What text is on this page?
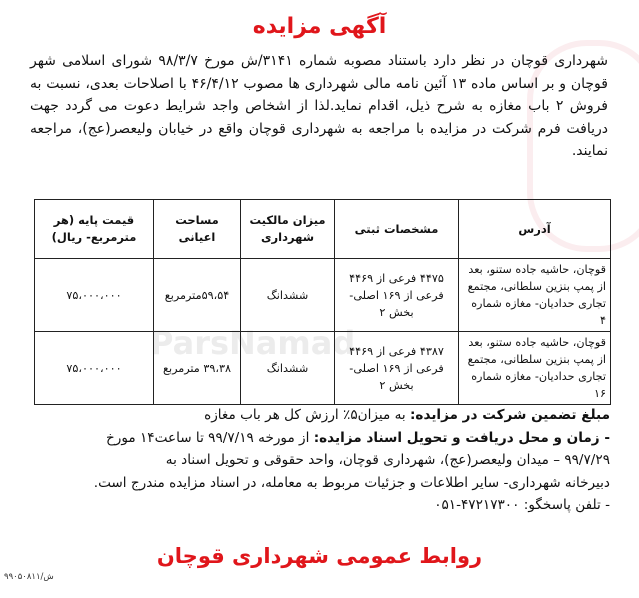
ParsNamad
آگهی مزایده
شهرداری قوچان در نظر دارد باستناد مصوبه شماره ۳۱۴۱/ش مورخ ۹۸/۳/۷ شورای اسلامی شهر قوچان و بر اساس ماده ۱۳ آئین نامه مالی شهرداری ها مصوب ۴۶/۴/۱۲ با اصلاحات بعدی، نسبت به فروش ۲ باب مغازه به شرح ذیل، اقدام نماید.لذا از اشخاص واجد شرایط دعوت می گردد جهت دریافت فرم شرکت در مزایده با مراجعه به شهرداری قوچان واقع در خیابان ولیعصر(عج)، مراجعه نمایند.
آدرس	مشخصات ثبتی	میزان مالکیت شهرداری	مساحت اعیانی	قیمت پایه (هر مترمربع- ریال)
قوچان، حاشیه جاده ستنو، بعد از پمپ بنزین سلطانی، مجتمع تجاری حدادیان- مغازه شماره ۴	۴۴۷۵ فرعی از ۴۴۶۹ فرعی از ۱۶۹ اصلی- بخش ۲	ششدانگ	۵۹،۵۴مترمربع	۷۵،۰۰۰،۰۰۰
قوچان، حاشیه جاده ستنو، بعد از پمپ بنزین سلطانی، مجتمع تجاری حدادیان- مغازه شماره ۱۶	۴۳۸۷ فرعی از ۴۴۶۹ فرعی از ۱۶۹ اصلی- بخش ۲	ششدانگ	۳۹،۳۸ مترمربع	۷۵،۰۰۰،۰۰۰
مبلغ تضمین شرکت در مزایده: به میزان۵٪ ارزش کل هر باب مغازه
- زمان و محل دریافت و تحویل اسناد مزایده: از مورخه ۹۹/۷/۱۹ تا ساعت۱۴ مورخ
۹۹/۷/۲۹ – میدان ولیعصر(عج)، شهرداری قوچان، واحد حقوقی و تحویل اسناد به
دبیرخانه شهرداری- سایر اطلاعات و جزئیات مربوط به معامله، در اسناد مزایده مندرج است.
- تلفن پاسخگو: ۴۷۲۱۷۳۰۰-۰۵۱
روابط عمومی شهرداری قوچان
ش/۹۹۰۵۰۸۱۱
